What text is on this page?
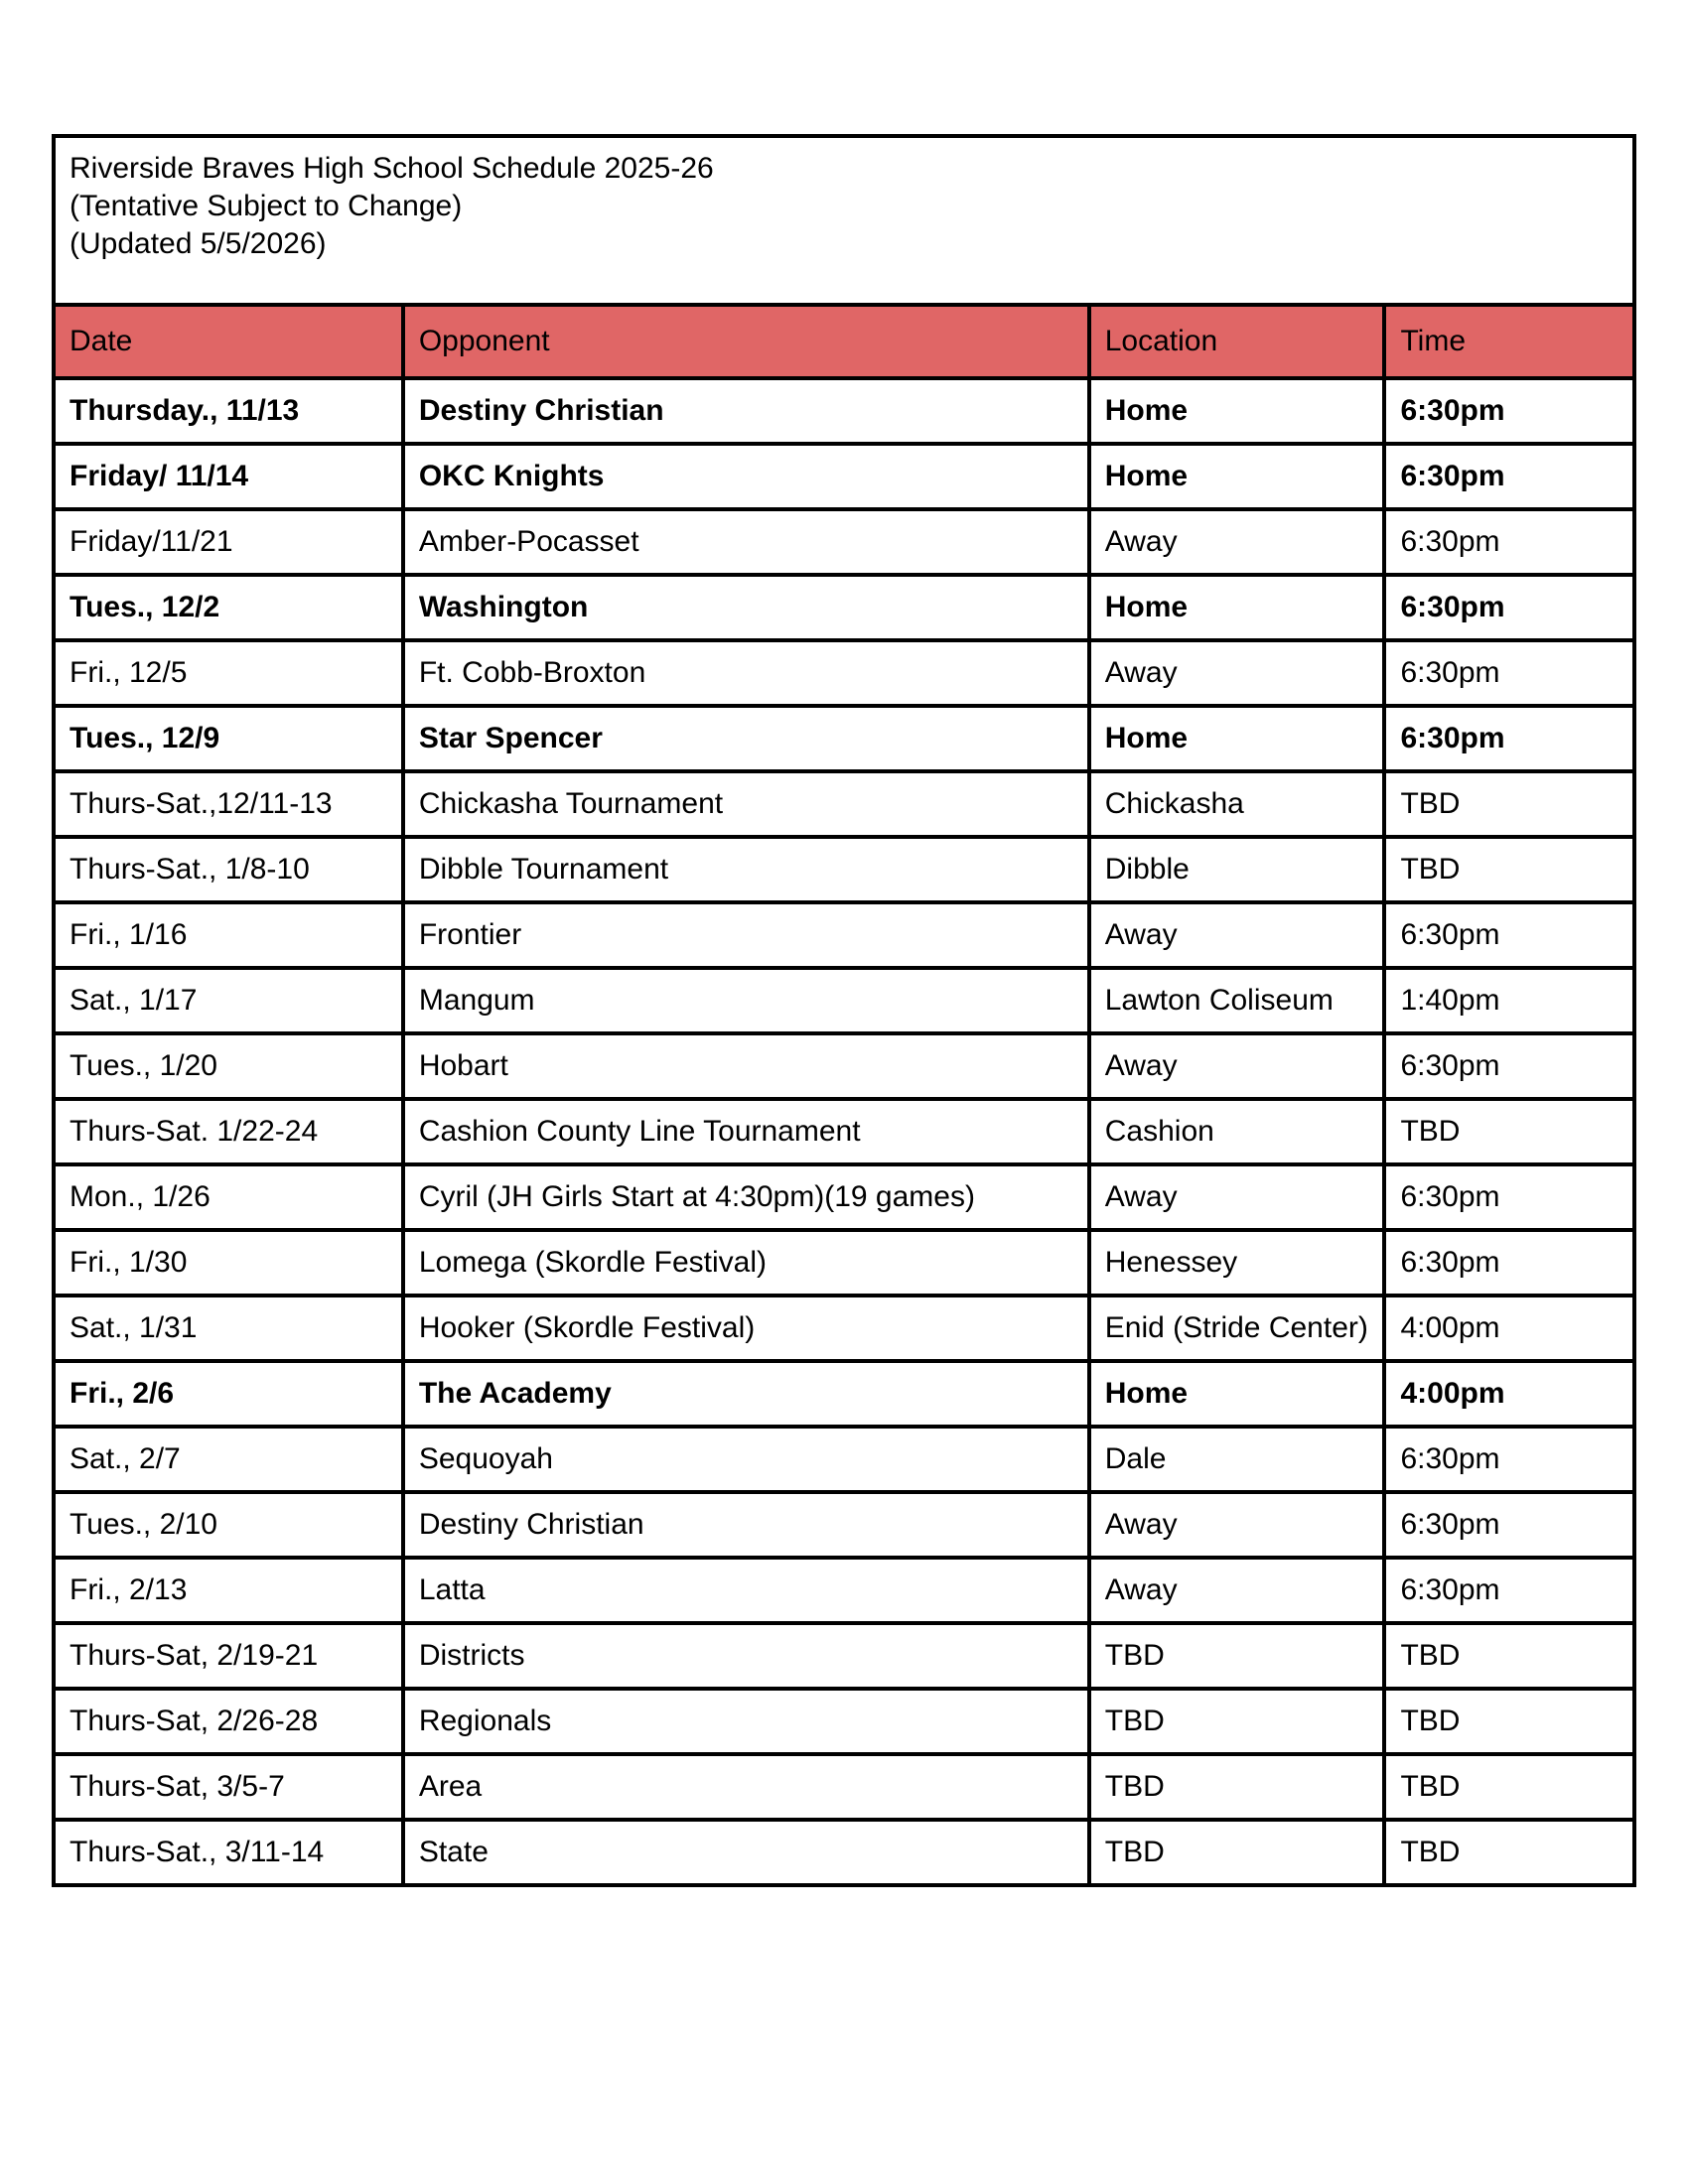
Riverside Braves High School Schedule 2025-26
(Tentative Subject to Change)
(Updated 5/5/2026)			

Date	Opponent	Location	Time
Thursday., 11/13	Destiny Christian	Home	6:30pm
Friday/ 11/14	OKC Knights	Home	6:30pm
Friday/11/21	Amber-Pocasset	Away	6:30pm
Tues., 12/2	Washington	Home	6:30pm
Fri., 12/5	Ft. Cobb-Broxton	Away	6:30pm
Tues., 12/9	Star Spencer	Home	6:30pm
Thurs-Sat.,12/11-13	Chickasha Tournament	Chickasha	TBD
Thurs-Sat., 1/8-10	Dibble Tournament	Dibble	TBD
Fri., 1/16	Frontier	Away	6:30pm
Sat., 1/17	Mangum	Lawton Coliseum	1:40pm
Tues., 1/20	Hobart	Away	6:30pm
Thurs-Sat. 1/22-24	Cashion County Line Tournament	Cashion	TBD
Mon., 1/26	Cyril (JH Girls Start at 4:30pm)(19 games)	Away	6:30pm
Fri., 1/30	Lomega (Skordle Festival)	Henessey	6:30pm
Sat., 1/31	Hooker (Skordle Festival)	Enid (Stride Center)	4:00pm
Fri., 2/6	The Academy	Home	4:00pm
Sat., 2/7	Sequoyah	Dale	6:30pm
Tues., 2/10	Destiny Christian	Away	6:30pm
Fri., 2/13	Latta	Away	6:30pm
Thurs-Sat, 2/19-21	Districts	TBD	TBD
Thurs-Sat, 2/26-28	Regionals	TBD	TBD
Thurs-Sat, 3/5-7	Area	TBD	TBD
Thurs-Sat., 3/11-14	State	TBD	TBD
